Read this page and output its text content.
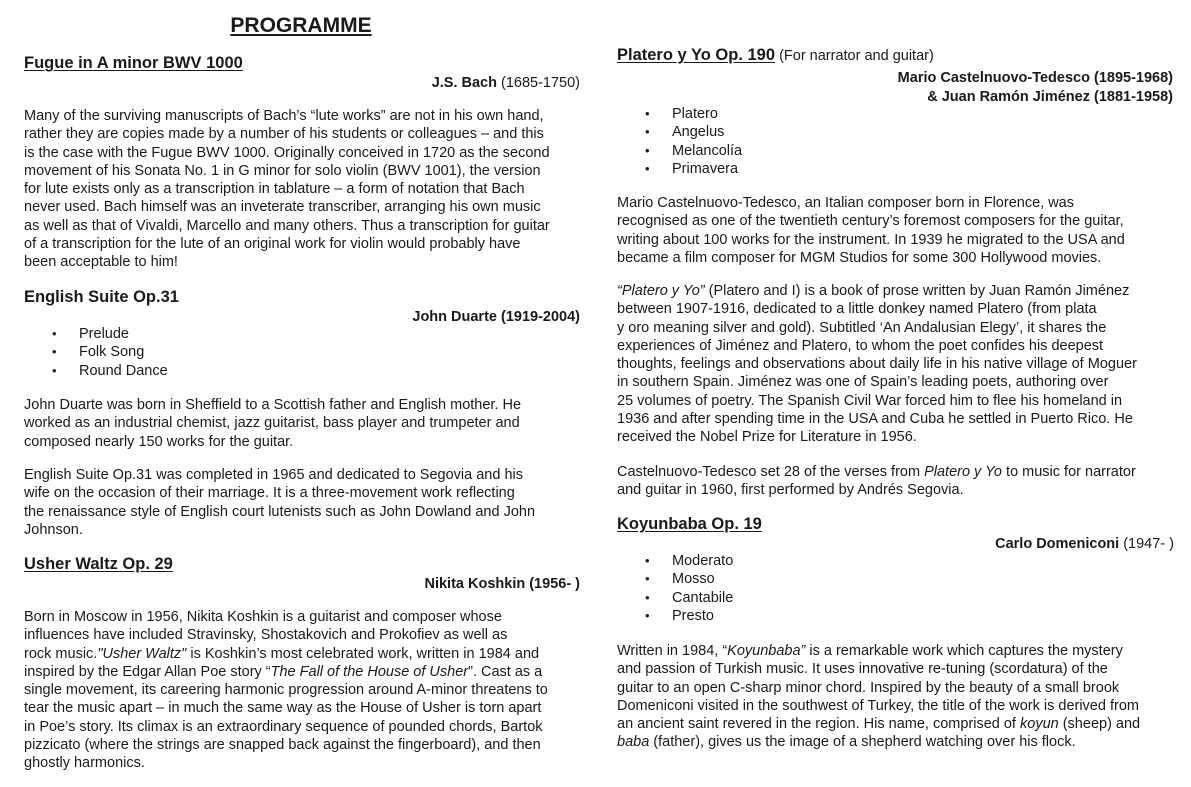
PROGRAMME
Fugue in A minor BWV 1000
J.S. Bach (1685-1750)
Many of the surviving manuscripts of Bach’s “lute works” are not in his own hand,
rather they are copies made by a number of his students or colleagues – and this
is the case with the Fugue BWV 1000. Originally conceived in 1720 as the second
movement of his Sonata No. 1 in G minor for solo violin (BWV 1001), the version
for lute exists only as a transcription in tablature – a form of notation that Bach
never used. Bach himself was an inveterate transcriber, arranging his own music
as well as that of Vivaldi, Marcello and many others. Thus a transcription for guitar
of a transcription for the lute of an original work for violin would probably have
been acceptable to him!
English Suite Op.31
John Duarte (1919-2004)
• Prelude
• Folk Song
• Round Dance
John Duarte was born in Sheffield to a Scottish father and English mother. He
worked as an industrial chemist, jazz guitarist, bass player and trumpeter and
composed nearly 150 works for the guitar.
English Suite Op.31 was completed in 1965 and dedicated to Segovia and his
wife on the occasion of their marriage. It is a three-movement work reflecting
the renaissance style of English court lutenists such as John Dowland and John
Johnson.
Usher Waltz Op. 29
Nikita Koshkin (1956- )
Born in Moscow in 1956, Nikita Koshkin is a guitarist and composer whose
influences have included Stravinsky, Shostakovich and Prokofiev as well as
rock music."Usher Waltz" is Koshkin’s most celebrated work, written in 1984 and
inspired by the Edgar Allan Poe story “The Fall of the House of Usher”. Cast as a
single movement, its careering harmonic progression around A-minor threatens to
tear the music apart – in much the same way as the House of Usher is torn apart
in Poe’s story. Its climax is an extraordinary sequence of pounded chords, Bartok
pizzicato (where the strings are snapped back against the fingerboard), and then
ghostly harmonics.
Platero y Yo Op. 190 (For narrator and guitar)
Mario Castelnuovo-Tedesco (1895-1968)
& Juan Ramón Jiménez (1881-1958)
• Platero
• Angelus
• Melancolía
• Primavera
Mario Castelnuovo-Tedesco, an Italian composer born in Florence, was
recognised as one of the twentieth century’s foremost composers for the guitar,
writing about 100 works for the instrument. In 1939 he migrated to the USA and
became a film composer for MGM Studios for some 300 Hollywood movies.
“Platero y Yo” (Platero and I) is a book of prose written by Juan Ramón Jiménez
between 1907-1916, dedicated to a little donkey named Platero (from plata
y oro meaning silver and gold). Subtitled ‘An Andalusian Elegy’, it shares the
experiences of Jiménez and Platero, to whom the poet confides his deepest
thoughts, feelings and observations about daily life in his native village of Moguer
in southern Spain. Jiménez was one of Spain’s leading poets, authoring over
25 volumes of poetry. The Spanish Civil War forced him to flee his homeland in
1936 and after spending time in the USA and Cuba he settled in Puerto Rico. He
received the Nobel Prize for Literature in 1956.
Castelnuovo-Tedesco set 28 of the verses from Platero y Yo to music for narrator
and guitar in 1960, first performed by Andrés Segovia.
Koyunbaba Op. 19
Carlo Domeniconi (1947- )
• Moderato
• Mosso
• Cantabile
• Presto
Written in 1984, “Koyunbaba” is a remarkable work which captures the mystery
and passion of Turkish music. It uses innovative re-tuning (scordatura) of the
guitar to an open C-sharp minor chord. Inspired by the beauty of a small brook
Domeniconi visited in the southwest of Turkey, the title of the work is derived from
an ancient saint revered in the region. His name, comprised of koyun (sheep) and
baba (father), gives us the image of a shepherd watching over his flock.
